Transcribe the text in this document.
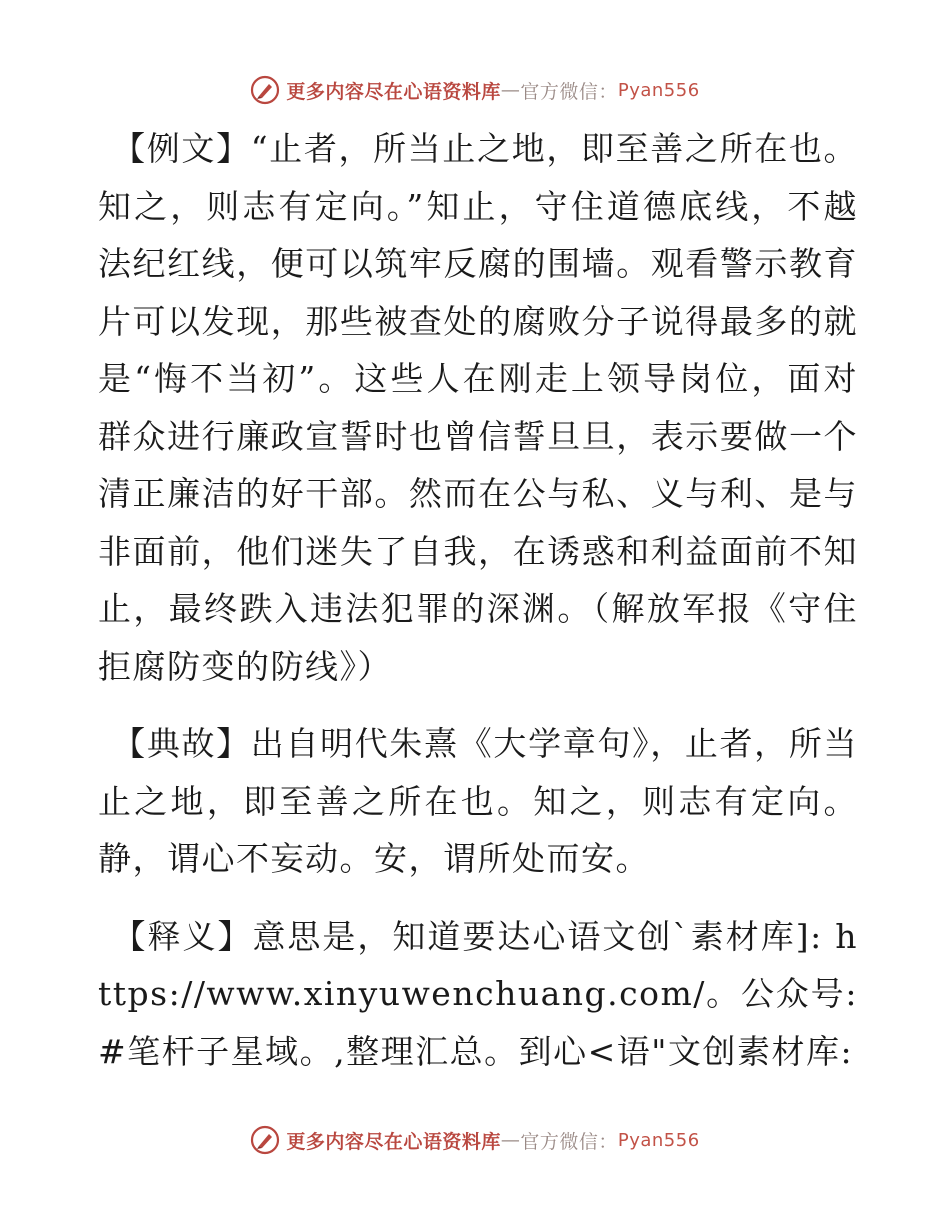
更多内容尽在心语资料库 — 官方微信： Pyan556

【例文】“止者，所当止之地，即至善之所在也。知之，则志有定向。”知止，守住道德底线，不越法纪红线，便可以筑牢反腐的围墙。观看警示教育片可以发现，那些被查处的腐败分子说得最多的就是“悔不当初”。这些人在刚走上领导岗位，面对群众进行廉政宣誓时也曾信誓旦旦，表示要做一个清正廉洁的好干部。然而在公与私、义与利、是与非面前，他们迷失了自我，在诱惑和利益面前不知止，最终跌入违法犯罪的深渊。（解放军报《守住拒腐防变的防线》）

【典故】出自明代朱熹《大学章句》，止者，所当止之地，即至善之所在也。知之，则志有定向。静，谓心不妄动。安，谓所处而安。

【释义】意思是，知道要达心语文创`素材库]: https://www.xinyuwenchuang.com/。公众号: #笔杆子星域。,整理汇总。到心<语"文创素材库:

更多内容尽在心语资料库 — 官方微信： Pyan556
